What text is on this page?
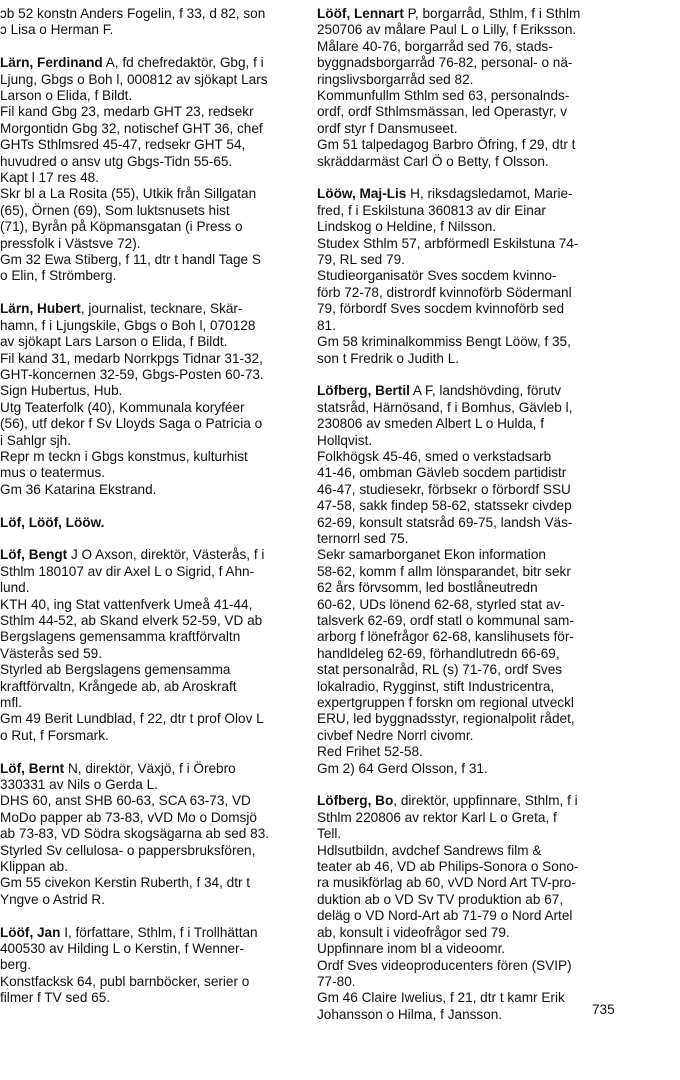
ɔb 52 konstn Anders Fogelin, f 33, d 82, son
ɔ Lisa o Herman F.
Lärn, Ferdinand A, fd chefredaktör, Gbg, f i
Ljung, Gbgs o Boh l, 000812 av sjökapt Lars
Larson o Elida, f Bildt.
Fil kand Gbg 23, medarb GHT 23, redsekr
Morgontidn Gbg 32, notischef GHT 36, chef
GHTs Sthlmsred 45-47, redsekr GHT 54,
huvudred o ansv utg Gbgs-Tidn 55-65.
Kapt l 17 res 48.
Skr bl a La Rosita (55), Utkik från Sillgatan
(65), Örnen (69), Som luktsnusets hist
(71), Byrån på Köpmansgatan (i Press o
pressfolk i Västsve 72).
Gm 32 Ewa Stiberg, f 11, dtr t handl Tage S
o Elin, f Strömberg.
Lärn, Hubert, journalist, tecknare, Skär-
hamn, f i Ljungskile, Gbgs o Boh l, 070128
av sjökapt Lars Larson o Elida, f Bildt.
Fil kand 31, medarb Norrkpgs Tidnar 31-32,
GHT-koncernen 32-59, Gbgs-Posten 60-73.
Sign Hubertus, Hub.
Utg Teaterfolk (40), Kommunala koryféer
(56), utf dekor f Sv Lloyds Saga o Patricia o
i Sahlgr sjh.
Repr m teckn i Gbgs konstmus, kulturhist
mus o teatermus.
Gm 36 Katarina Ekstrand.
Löf, Lööf, Lööw.
Löf, Bengt J O Axson, direktör, Västerås, f i
Sthlm 180107 av dir Axel L o Sigrid, f Ahn-
lund.
KTH 40, ing Stat vattenfverk Umeå 41-44,
Sthlm 44-52, ab Skand elverk 52-59, VD ab
Bergslagens gemensamma kraftförvaltn
Västerås sed 59.
Styrled ab Bergslagens gemensamma
kraftförvaltn, Krångede ab, ab Aroskraft
mfl.
Gm 49 Berit Lundblad, f 22, dtr t prof Olov L
o Rut, f Forsmark.
Löf, Bernt N, direktör, Växjö, f i Örebro
330331 av Nils o Gerda L.
DHS 60, anst SHB 60-63, SCA 63-73, VD
MoDo papper ab 73-83, vVD Mo o Domsjö
ab 73-83, VD Södra skogsägarna ab sed 83.
Styrled Sv cellulosa- o pappersbruksfören,
Klippan ab.
Gm 55 civekon Kerstin Ruberth, f 34, dtr t
Yngve o Astrid R.
Lööf, Jan I, författare, Sthlm, f i Trollhättan
400530 av Hilding L o Kerstin, f Wenner-
berg.
Konstfacksk 64, publ barnböcker, serier o
filmer f TV sed 65.
Lööf, Lennart P, borgarråd, Sthlm, f i Sthlm
250706 av målare Paul L o Lilly, f Eriksson.
Målare 40-76, borgarråd sed 76, stads-
byggnadsborgarråd 76-82, personal- o nä-
ringslivsborgarråd sed 82.
Kommunfullm Sthlm sed 63, personalnds-
ordf, ordf Sthlmsmässan, led Operastyr, v
ordf styr f Dansmuseet.
Gm 51 talpedagog Barbro Öfring, f 29, dtr t
skräddarmäst Carl Ö o Betty, f Olsson.
Lööw, Maj-Lis H, riksdagsledamot, Marie-
fred, f i Eskilstuna 360813 av dir Einar
Lindskog o Heldine, f Nilsson.
Studex Sthlm 57, arbförmedl Eskilstuna 74-
79, RL sed 79.
Studieorganisatör Sves socdem kvinno-
förb 72-78, distrordf kvinnoförb Södermanl
79, förbordf Sves socdem kvinnoförb sed
81.
Gm 58 kriminalkommiss Bengt Lööw, f 35,
son t Fredrik o Judith L.
Löfberg, Bertil A F, landshövding, förutv
statsråd, Härnösand, f i Bomhus, Gävleb l,
230806 av smeden Albert L o Hulda, f
Hollqvist.
Folkhögsk 45-46, smed o verkstadsarb
41-46, ombman Gävleb socdem partidistr
46-47, studiesekr, förbsekr o förbordf SSU
47-58, sakk findep 58-62, statssekr civdep
62-69, konsult statsråd 69-75, landsh Väs-
ternorrl sed 75.
Sekr samarborganet Ekon information
58-62, komm f allm lönsparandet, bitr sekr
62 års förvsomm, led bostlåneutredn
60-62, UDs lönend 62-68, styrled stat av-
talsverk 62-69, ordf statl o kommunal sam-
arborg f lönefrågor 62-68, kanslihusets för-
handldeleg 62-69, förhandlutredn 66-69,
stat personalråd, RL (s) 71-76, ordf Sves
lokalradio, Rygginst, stift Industricentra,
expertgruppen f forskn om regional utveckl
ERU, led byggnadsstyr, regionalpolit rådet,
civbef Nedre Norrl civomr.
Red Frihet 52-58.
Gm 2) 64 Gerd Olsson, f 31.
Löfberg, Bo, direktör, uppfinnare, Sthlm, f i
Sthlm 220806 av rektor Karl L o Greta, f
Tell.
Hdlsutbildn, avdchef Sandrews film &
teater ab 46, VD ab Philips-Sonora o Sono-
ra musikförlag ab 60, vVD Nord Art TV-pro-
duktion ab o VD Sv TV produktion ab 67,
deläg o VD Nord-Art ab 71-79 o Nord Artel
ab, konsult i videofrågor sed 79.
Uppfinnare inom bl a videoomr.
Ordf Sves videoproducenters fören (SVIP)
77-80.
Gm 46 Claire Iwelius, f 21, dtr t kamr Erik
Johansson o Hilma, f Jansson.	735
